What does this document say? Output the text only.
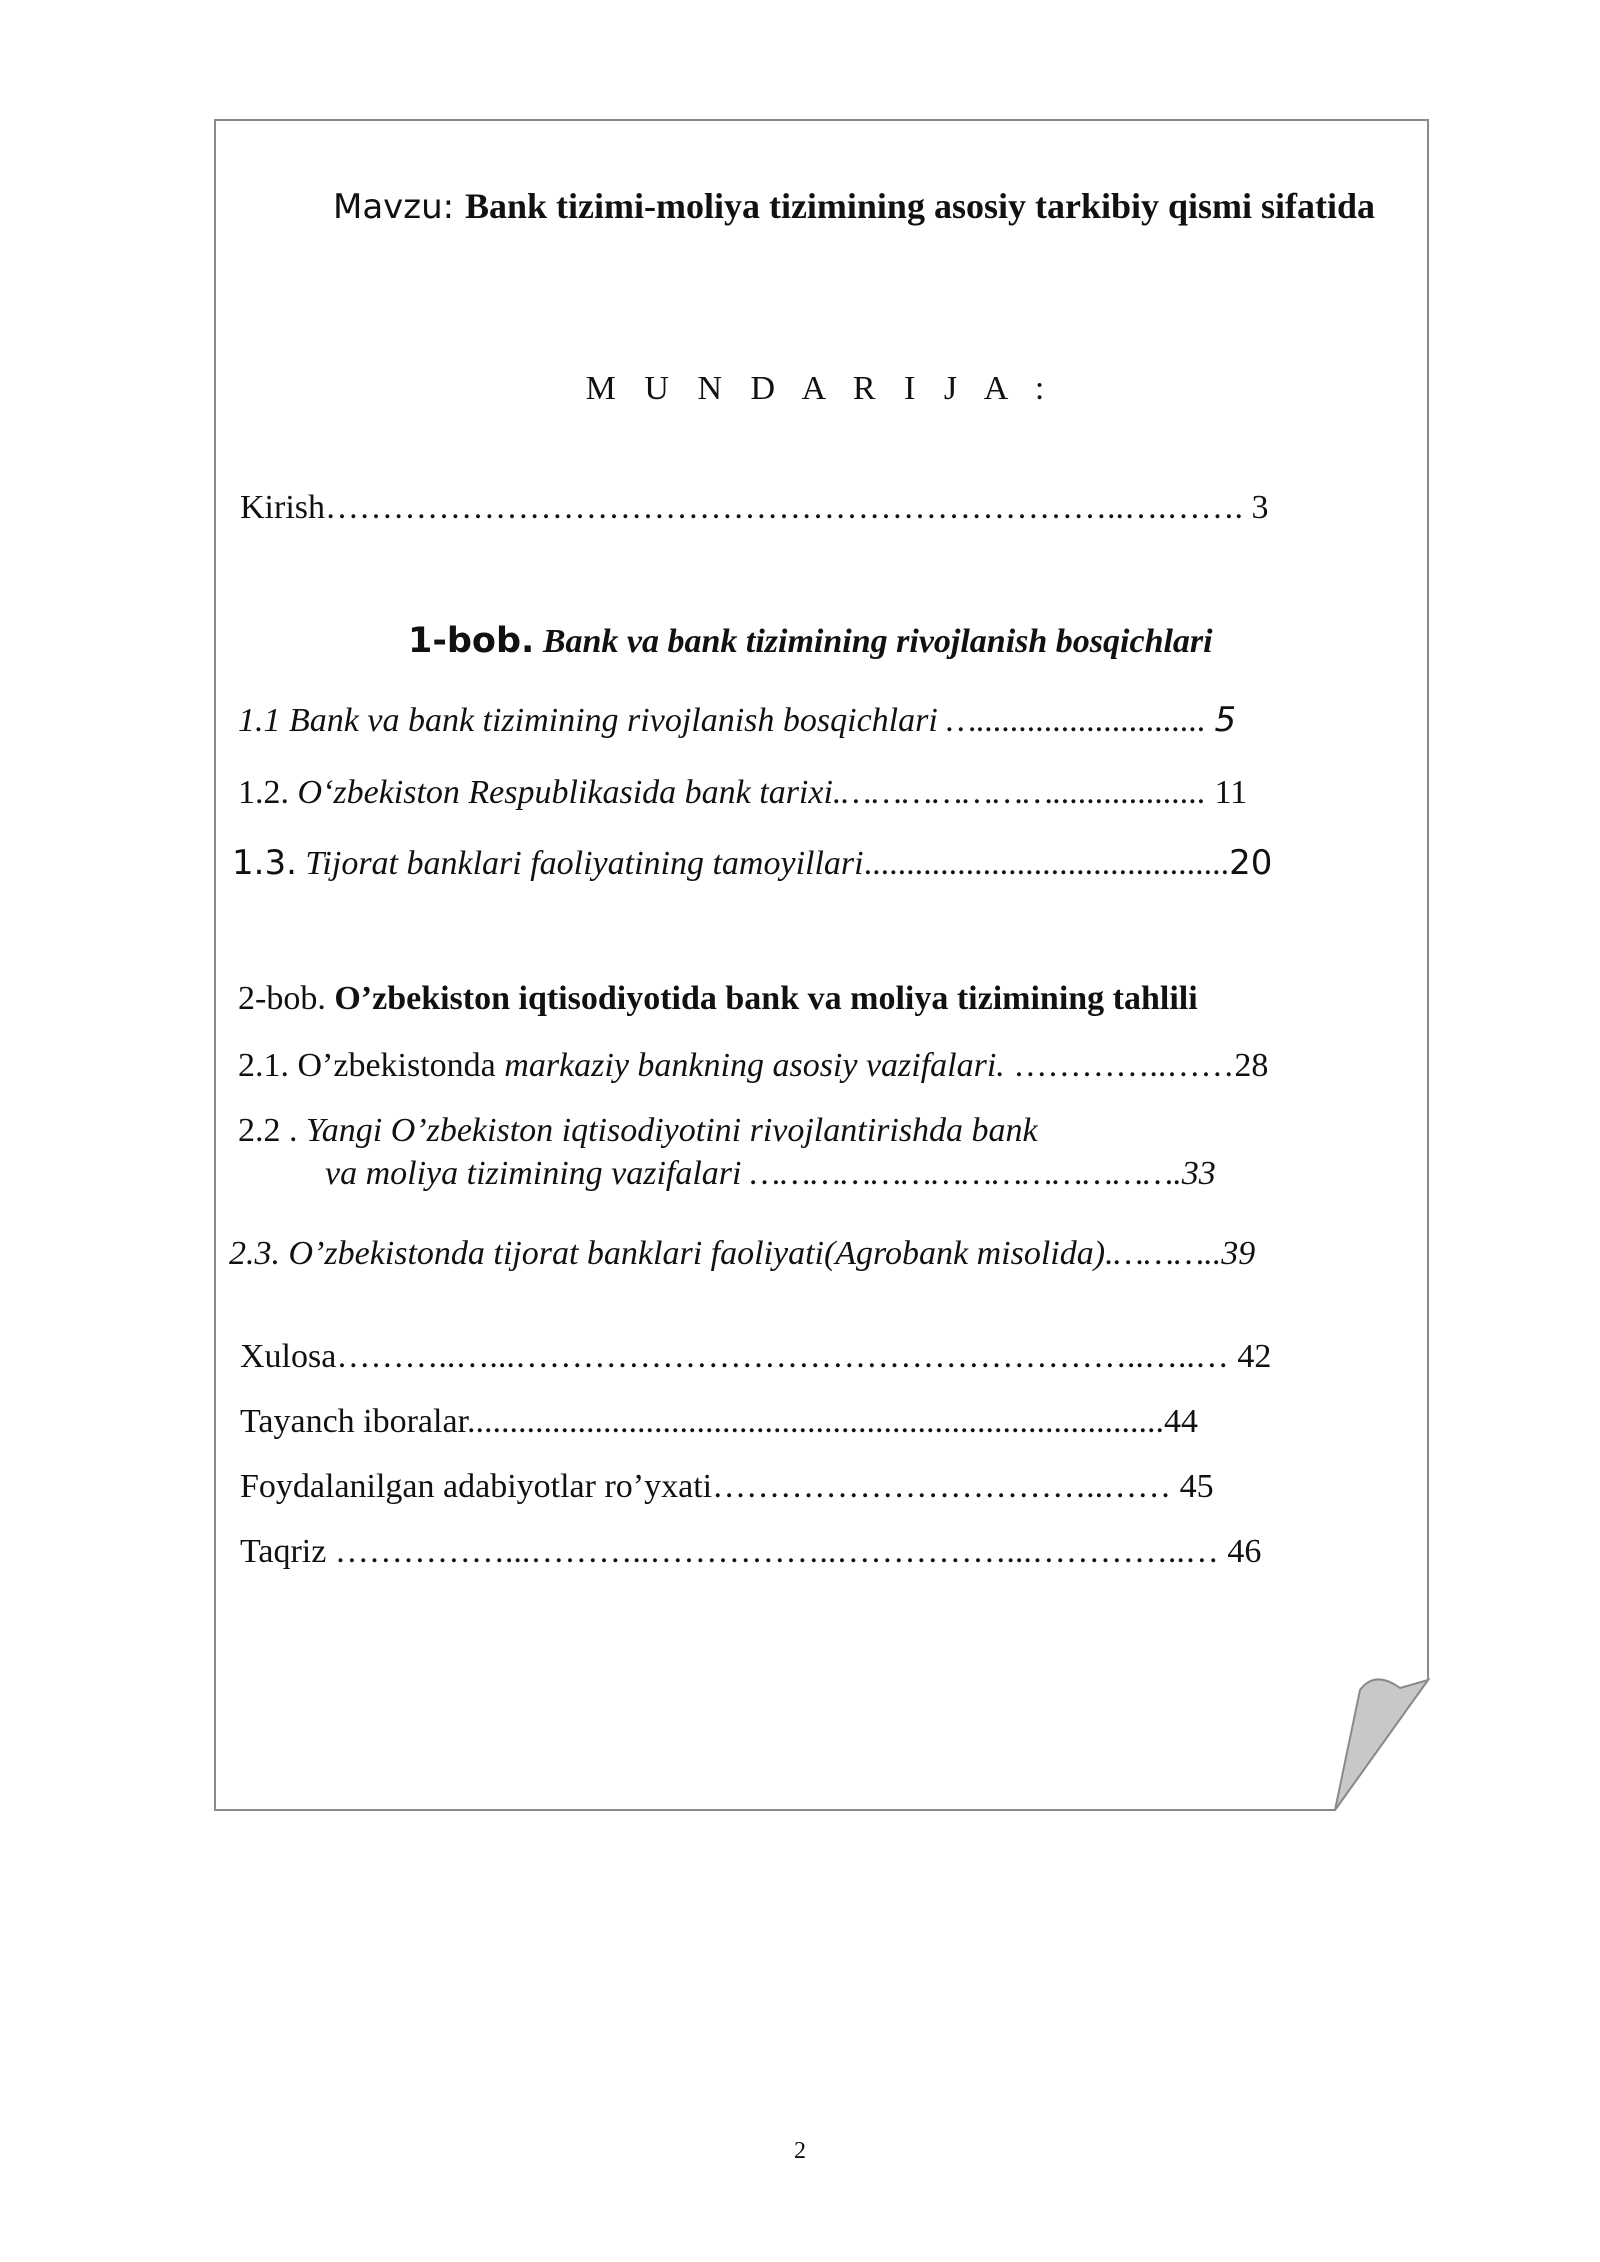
Mavzu: Bank tizimi-moliya tizimining asosiy tarkibiy qismi sifatida
M U N D A R I J A :
Kirish……………………………………………………………..….……. 3
1-bob. Bank va bank tizimining rivojlanish bosqichlari
1.1 Bank va bank tizimining rivojlanish bosqichlari …........................... 5
1.2. O‘zbekiston Respublikasida bank tarixi.………………….................. 11
1.3. Tijorat banklari faoliyatining tamoyillari...........................................20
2-bob. O’zbekiston iqtisodiyotida bank va moliya tizimining tahlili
2.1. O’zbekistonda markaziy bankning asosiy vazifalari. …………..……28
2.2 . Yangi O’zbekiston iqtisodiyotini rivojlantirishda bank
va moliya tizimining vazifalari …………………………………….33
2.3. O’zbekistonda tijorat banklari faoliyati(Agrobank misolida).………..39
Xulosa………..…...………………………………………………..…..… 42
Tayanch iboralar..................................................................................44
Foydalanilgan adabiyotlar ro’yxati……………………………..…… 45
Taqriz ……………...………..……………..……………...…………..… 46
2
